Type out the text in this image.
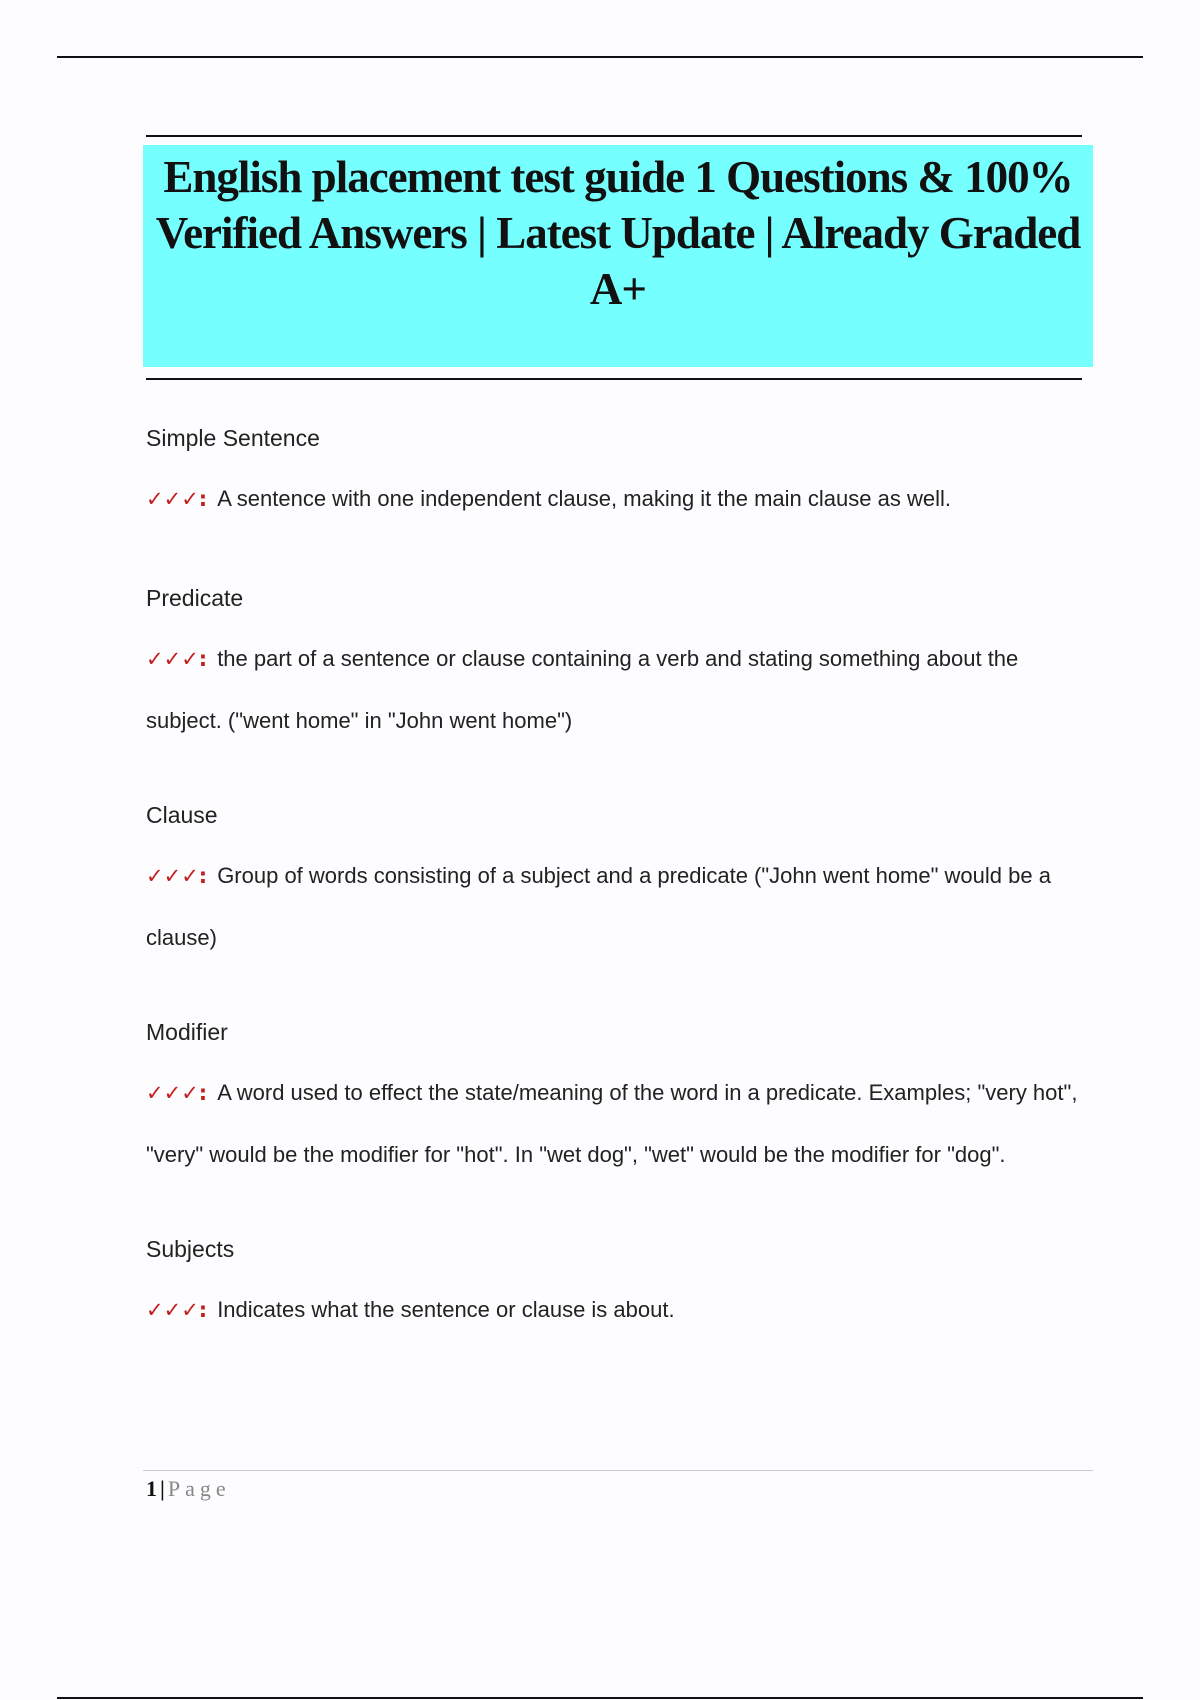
English placement test guide 1 Questions & 100% Verified Answers | Latest Update | Already Graded A+

Simple Sentence

✓✓✓: A sentence with one independent clause, making it the main clause as well.

Predicate

✓✓✓: the part of a sentence or clause containing a verb and stating something about the subject. ("went home" in "John went home")

Clause

✓✓✓: Group of words consisting of a subject and a predicate ("John went home" would be a clause)

Modifier

✓✓✓: A word used to effect the state/meaning of the word in a predicate. Examples; "very hot", "very" would be the modifier for "hot". In "wet dog", "wet" would be the modifier for "dog".

Subjects

✓✓✓: Indicates what the sentence or clause is about.

1 | Page
